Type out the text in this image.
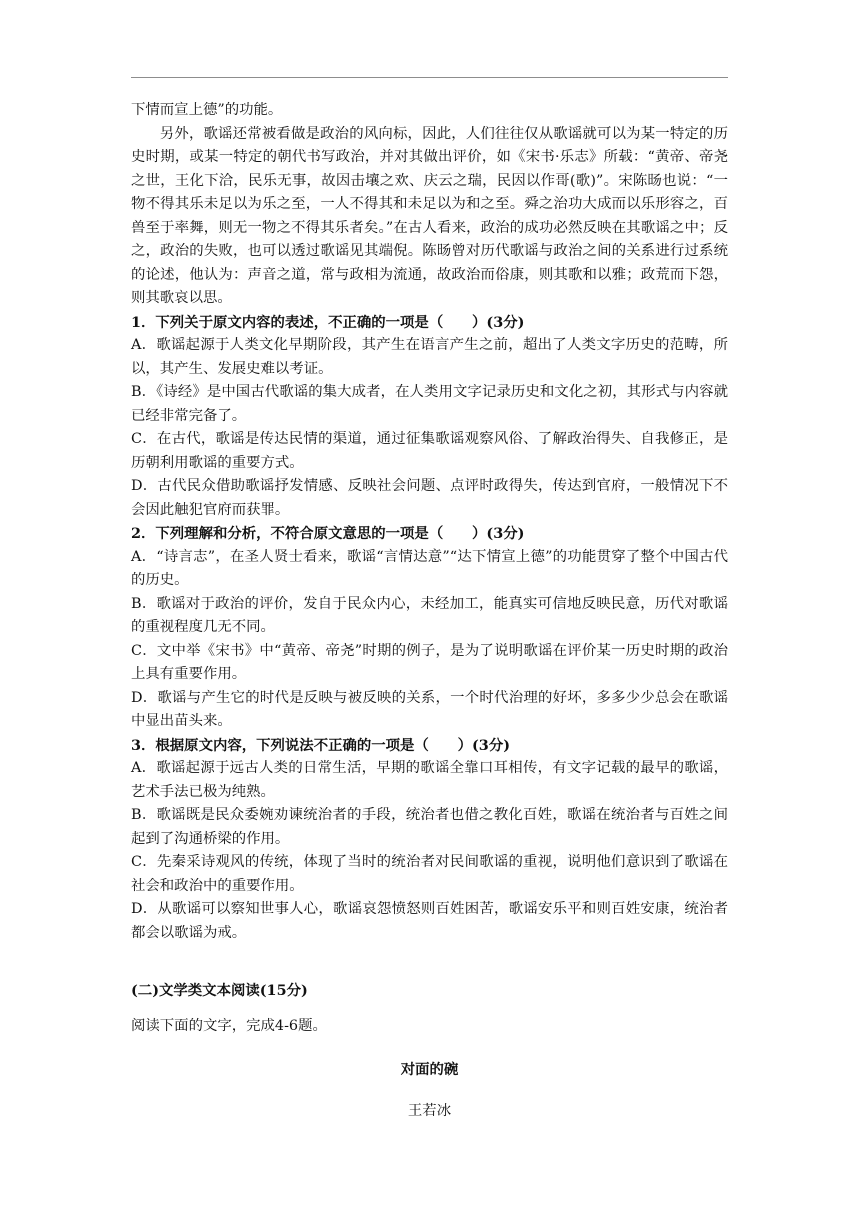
下情而宣上德”的功能。

另外，歌谣还常被看做是政治的风向标，因此，人们往往仅从歌谣就可以为某一特定的历史时期，或某一特定的朝代书写政治，并对其做出评价，如《宋书·乐志》所载：“黄帝、帝尧之世，王化下洽，民乐无事，故因击壤之欢、庆云之瑞，民因以作哥(歌)”。宋陈旸也说：“一物不得其乐未足以为乐之至，一人不得其和未足以为和之至。舜之治功大成而以乐形容之，百兽至于率舞，则无一物之不得其乐者矣。”在古人看来，政治的成功必然反映在其歌谣之中；反之，政治的失败，也可以透过歌谣见其端倪。陈旸曾对历代歌谣与政治之间的关系进行过系统的论述，他认为：声音之道，常与政相为流通，故政治而俗康，则其歌和以雅；政荒而下怨，则其歌哀以思。

1．下列关于原文内容的表述，不正确的一项是（　　）(3分)

A．歌谣起源于人类文化早期阶段，其产生在语言产生之前，超出了人类文字历史的范畴，所以，其产生、发展史难以考证。

B．《诗经》是中国古代歌谣的集大成者，在人类用文字记录历史和文化之初，其形式与内容就已经非常完备了。

C．在古代，歌谣是传达民情的渠道，通过征集歌谣观察风俗、了解政治得失、自我修正，是历朝利用歌谣的重要方式。

D．古代民众借助歌谣抒发情感、反映社会问题、点评时政得失，传达到官府，一般情况下不会因此触犯官府而获罪。

2．下列理解和分析，不符合原文意思的一项是（　　）(3分)

A．“诗言志”，在圣人贤士看来，歌谣“言情达意”“达下情宣上德”的功能贯穿了整个中国古代的历史。

B．歌谣对于政治的评价，发自于民众内心，未经加工，能真实可信地反映民意，历代对歌谣的重视程度几无不同。

C．文中举《宋书》中“黄帝、帝尧”时期的例子，是为了说明歌谣在评价某一历史时期的政治上具有重要作用。

D．歌谣与产生它的时代是反映与被反映的关系，一个时代治理的好坏，多多少少总会在歌谣中显出苗头来。

3．根据原文内容，下列说法不正确的一项是（　　）(3分)

A．歌谣起源于远古人类的日常生活，早期的歌谣全靠口耳相传，有文字记载的最早的歌谣，艺术手法已极为纯熟。

B．歌谣既是民众委婉劝谏统治者的手段，统治者也借之教化百姓，歌谣在统治者与百姓之间起到了沟通桥梁的作用。

C．先秦采诗观风的传统，体现了当时的统治者对民间歌谣的重视，说明他们意识到了歌谣在社会和政治中的重要作用。

D．从歌谣可以察知世事人心，歌谣哀怨愤怒则百姓困苦，歌谣安乐平和则百姓安康，统治者都会以歌谣为戒。

(二)文学类文本阅读(15分)

阅读下面的文字，完成4-6题。

对面的碗

王若冰
